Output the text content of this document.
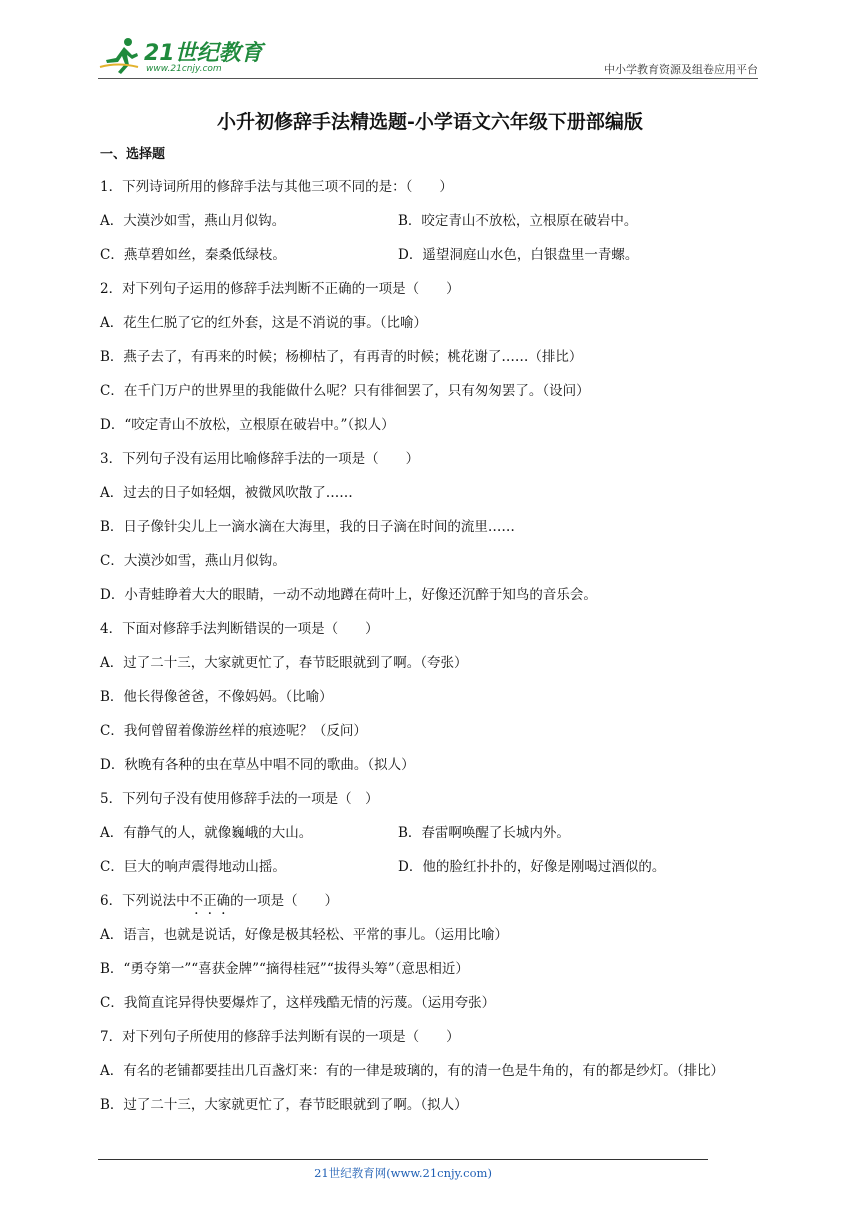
21世纪教育
www.21cnjy.com	中小学教育资源及组卷应用平台
小升初修辞手法精选题-小学语文六年级下册部编版
一、选择题
1．下列诗词所用的修辞手法与其他三项不同的是：（　　）
A．大漠沙如雪，燕山月似钩。	B．咬定青山不放松，立根原在破岩中。
C．燕草碧如丝，秦桑低绿枝。	D．遥望洞庭山水色，白银盘里一青螺。
2．对下列句子运用的修辞手法判断不正确的一项是（　　）
A．花生仁脱了它的红外套，这是不消说的事。（比喻）
B．燕子去了，有再来的时候；杨柳枯了，有再青的时候；桃花谢了……（排比）
C．在千门万户的世界里的我能做什么呢？只有徘徊罢了，只有匆匆罢了。（设问）
D．“咬定青山不放松，立根原在破岩中。”（拟人）
3．下列句子没有运用比喻修辞手法的一项是（　　）
A．过去的日子如轻烟，被微风吹散了……
B．日子像针尖儿上一滴水滴在大海里，我的日子滴在时间的流里……
C．大漠沙如雪，燕山月似钩。
D．小青蛙睁着大大的眼睛，一动不动地蹲在荷叶上，好像还沉醉于知鸟的音乐会。
4．下面对修辞手法判断错误的一项是（　　）
A．过了二十三，大家就更忙了，春节眨眼就到了啊。（夸张）
B．他长得像爸爸，不像妈妈。（比喻）
C．我何曾留着像游丝样的痕迹呢？（反问）
D．秋晚有各种的虫在草丛中唱不同的歌曲。（拟人）
5．下列句子没有使用修辞手法的一项是（　）
A．有静气的人，就像巍峨的大山。	B．春雷啊唤醒了长城内外。
C．巨大的响声震得地动山摇。	D．他的脸红扑扑的，好像是刚喝过酒似的。
6．下列说法中不正确的一项是（　　）
A．语言，也就是说话，好像是极其轻松、平常的事儿。（运用比喻）
B．“勇夺第一”“喜获金牌”“摘得桂冠”“拔得头筹”（意思相近）
C．我简直诧异得快要爆炸了，这样残酷无情的污蔑。（运用夸张）
7．对下列句子所使用的修辞手法判断有误的一项是（　　）
A．有名的老铺都要挂出几百盏灯来：有的一律是玻璃的，有的清一色是牛角的，有的都是纱灯。（排比）
B．过了二十三，大家就更忙了，春节眨眼就到了啊。（拟人）
21世纪教育网(www.21cnjy.com)
